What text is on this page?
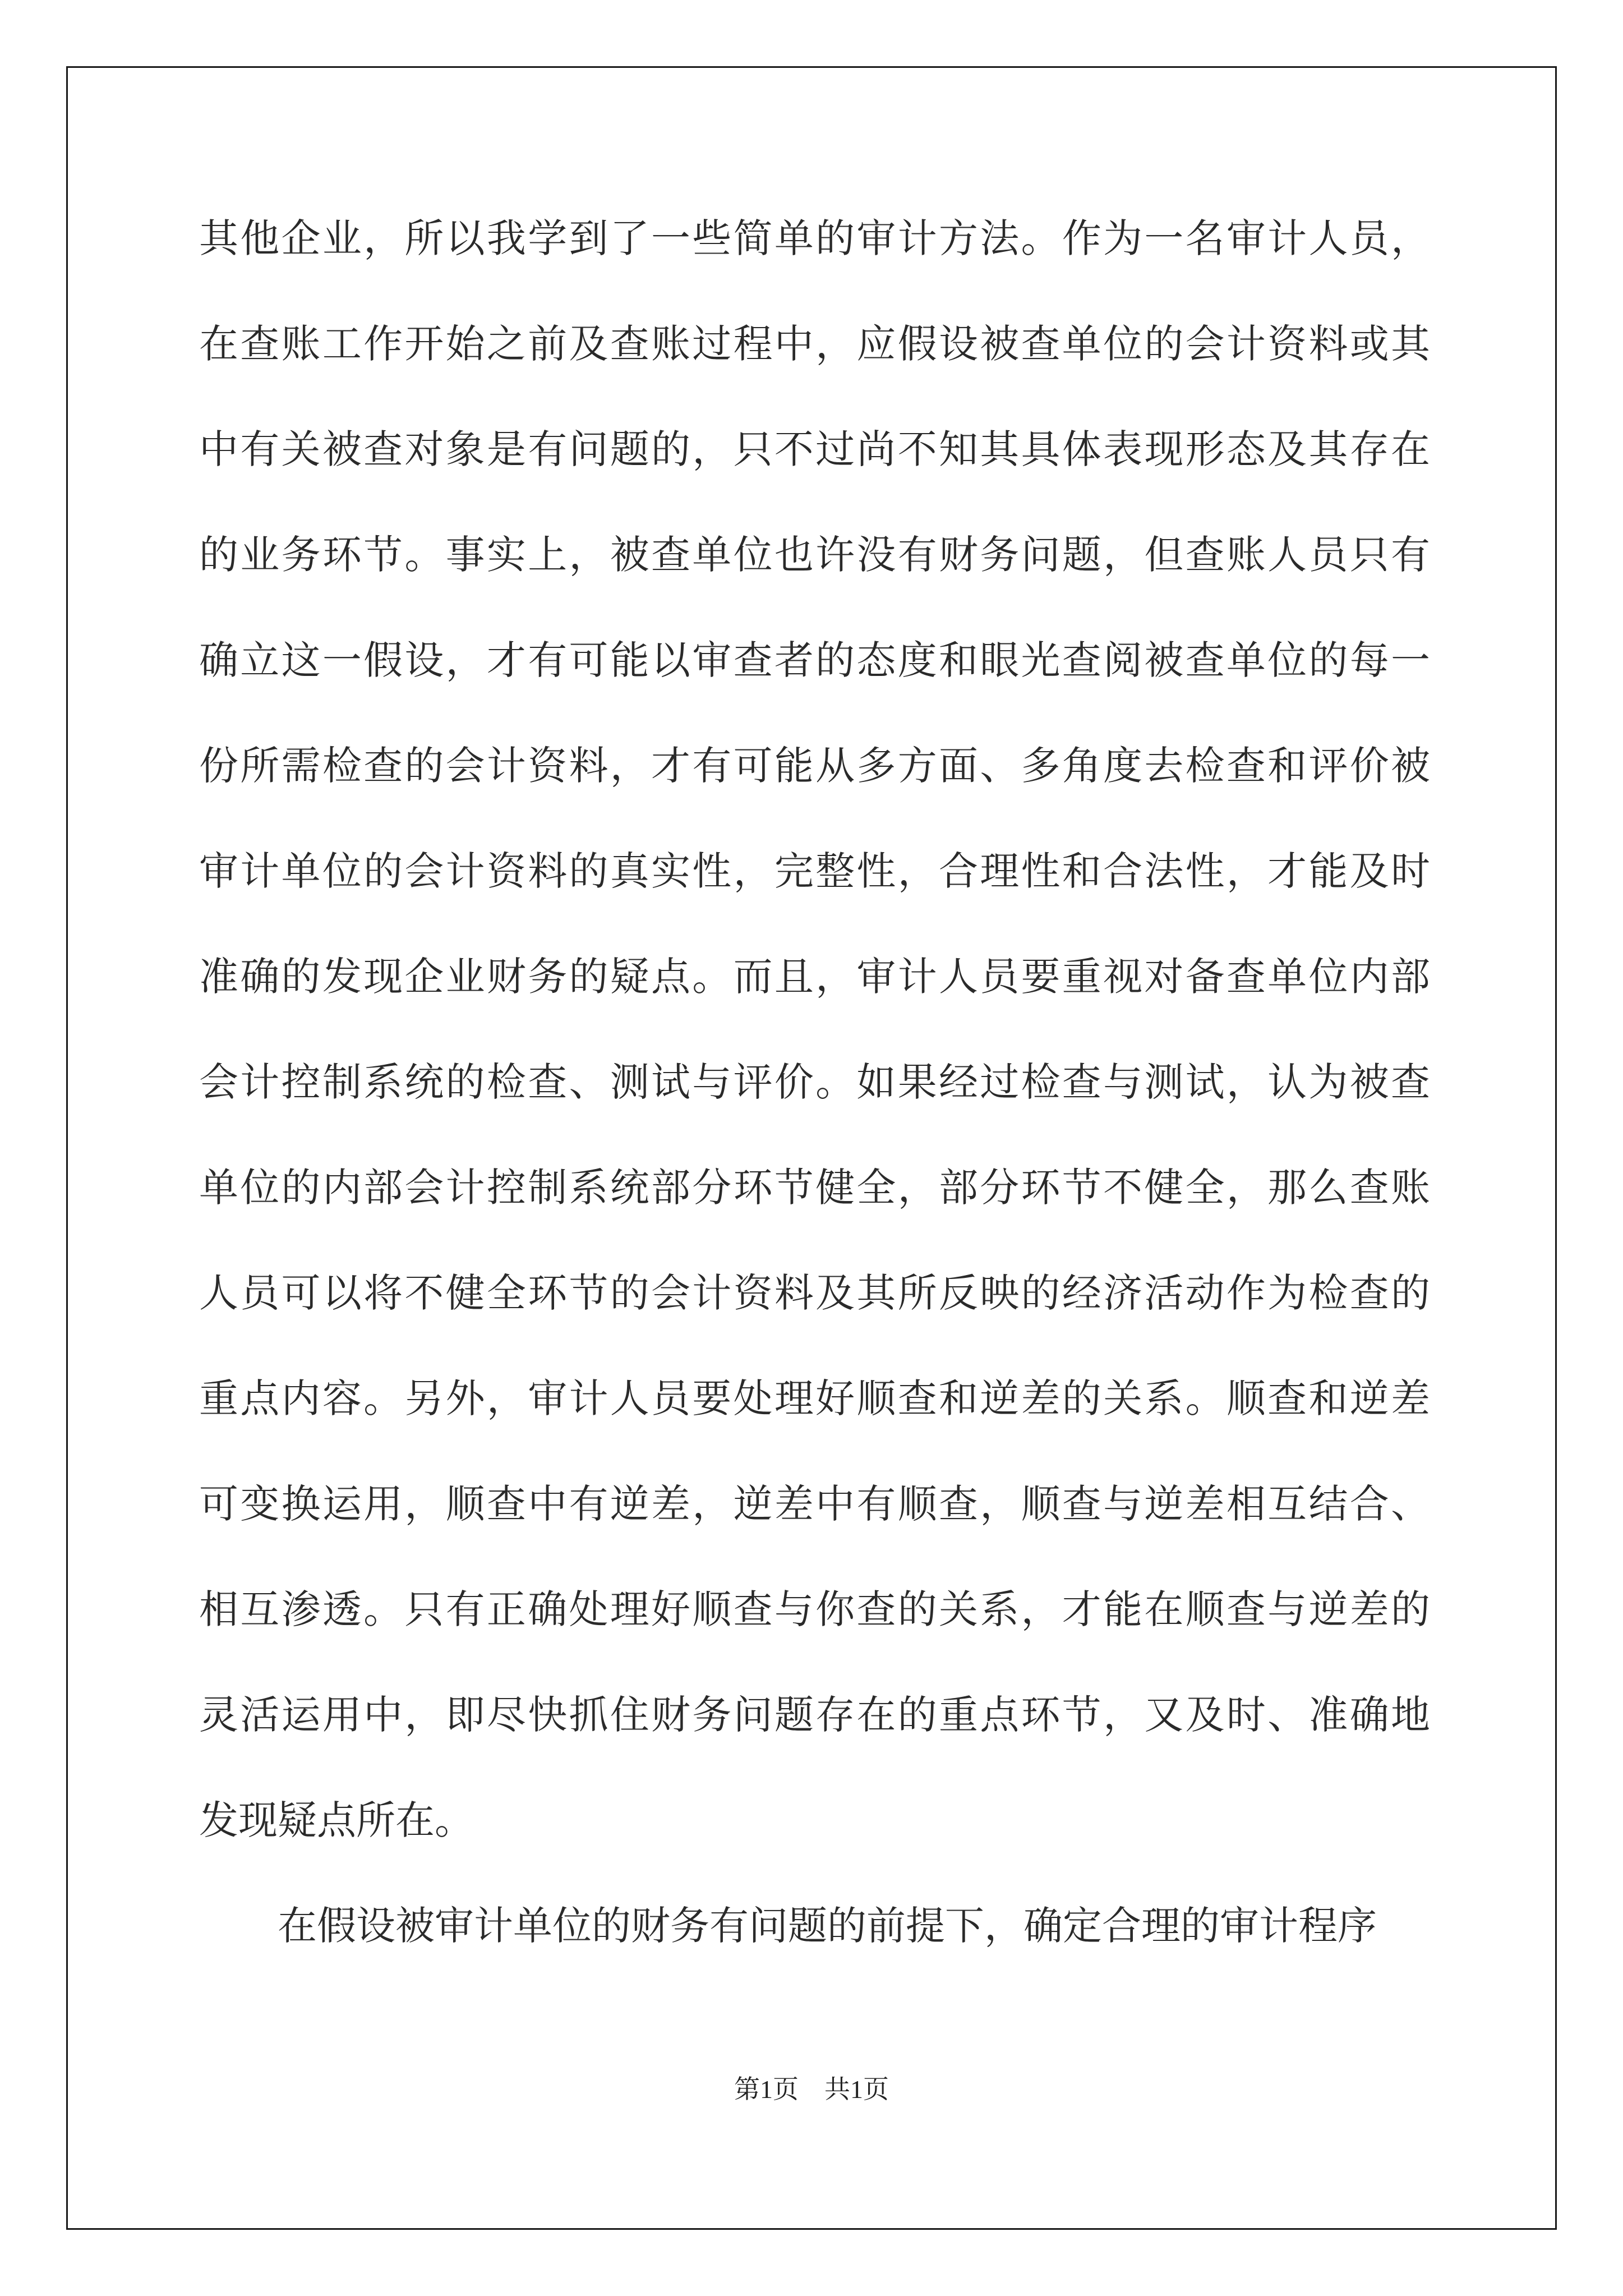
其他企业，所以我学到了一些简单的审计方法。作为一名审计人员，
在查账工作开始之前及查账过程中，应假设被查单位的会计资料或其
中有关被查对象是有问题的，只不过尚不知其具体表现形态及其存在
的业务环节。事实上，被查单位也许没有财务问题，但查账人员只有
确立这一假设，才有可能以审查者的态度和眼光查阅被查单位的每一
份所需检查的会计资料，才有可能从多方面、多角度去检查和评价被
审计单位的会计资料的真实性，完整性，合理性和合法性，才能及时
准确的发现企业财务的疑点。而且，审计人员要重视对备查单位内部
会计控制系统的检查、测试与评价。如果经过检查与测试，认为被查
单位的内部会计控制系统部分环节健全，部分环节不健全，那么查账
人员可以将不健全环节的会计资料及其所反映的经济活动作为检查的
重点内容。另外，审计人员要处理好顺查和逆差的关系。顺查和逆差
可变换运用，顺查中有逆差，逆差中有顺查，顺查与逆差相互结合、
相互渗透。只有正确处理好顺查与你查的关系，才能在顺查与逆差的
灵活运用中，即尽快抓住财务问题存在的重点环节，又及时、准确地
发现疑点所在。
在假设被审计单位的财务有问题的前提下，确定合理的审计程序
第1页　共1页
